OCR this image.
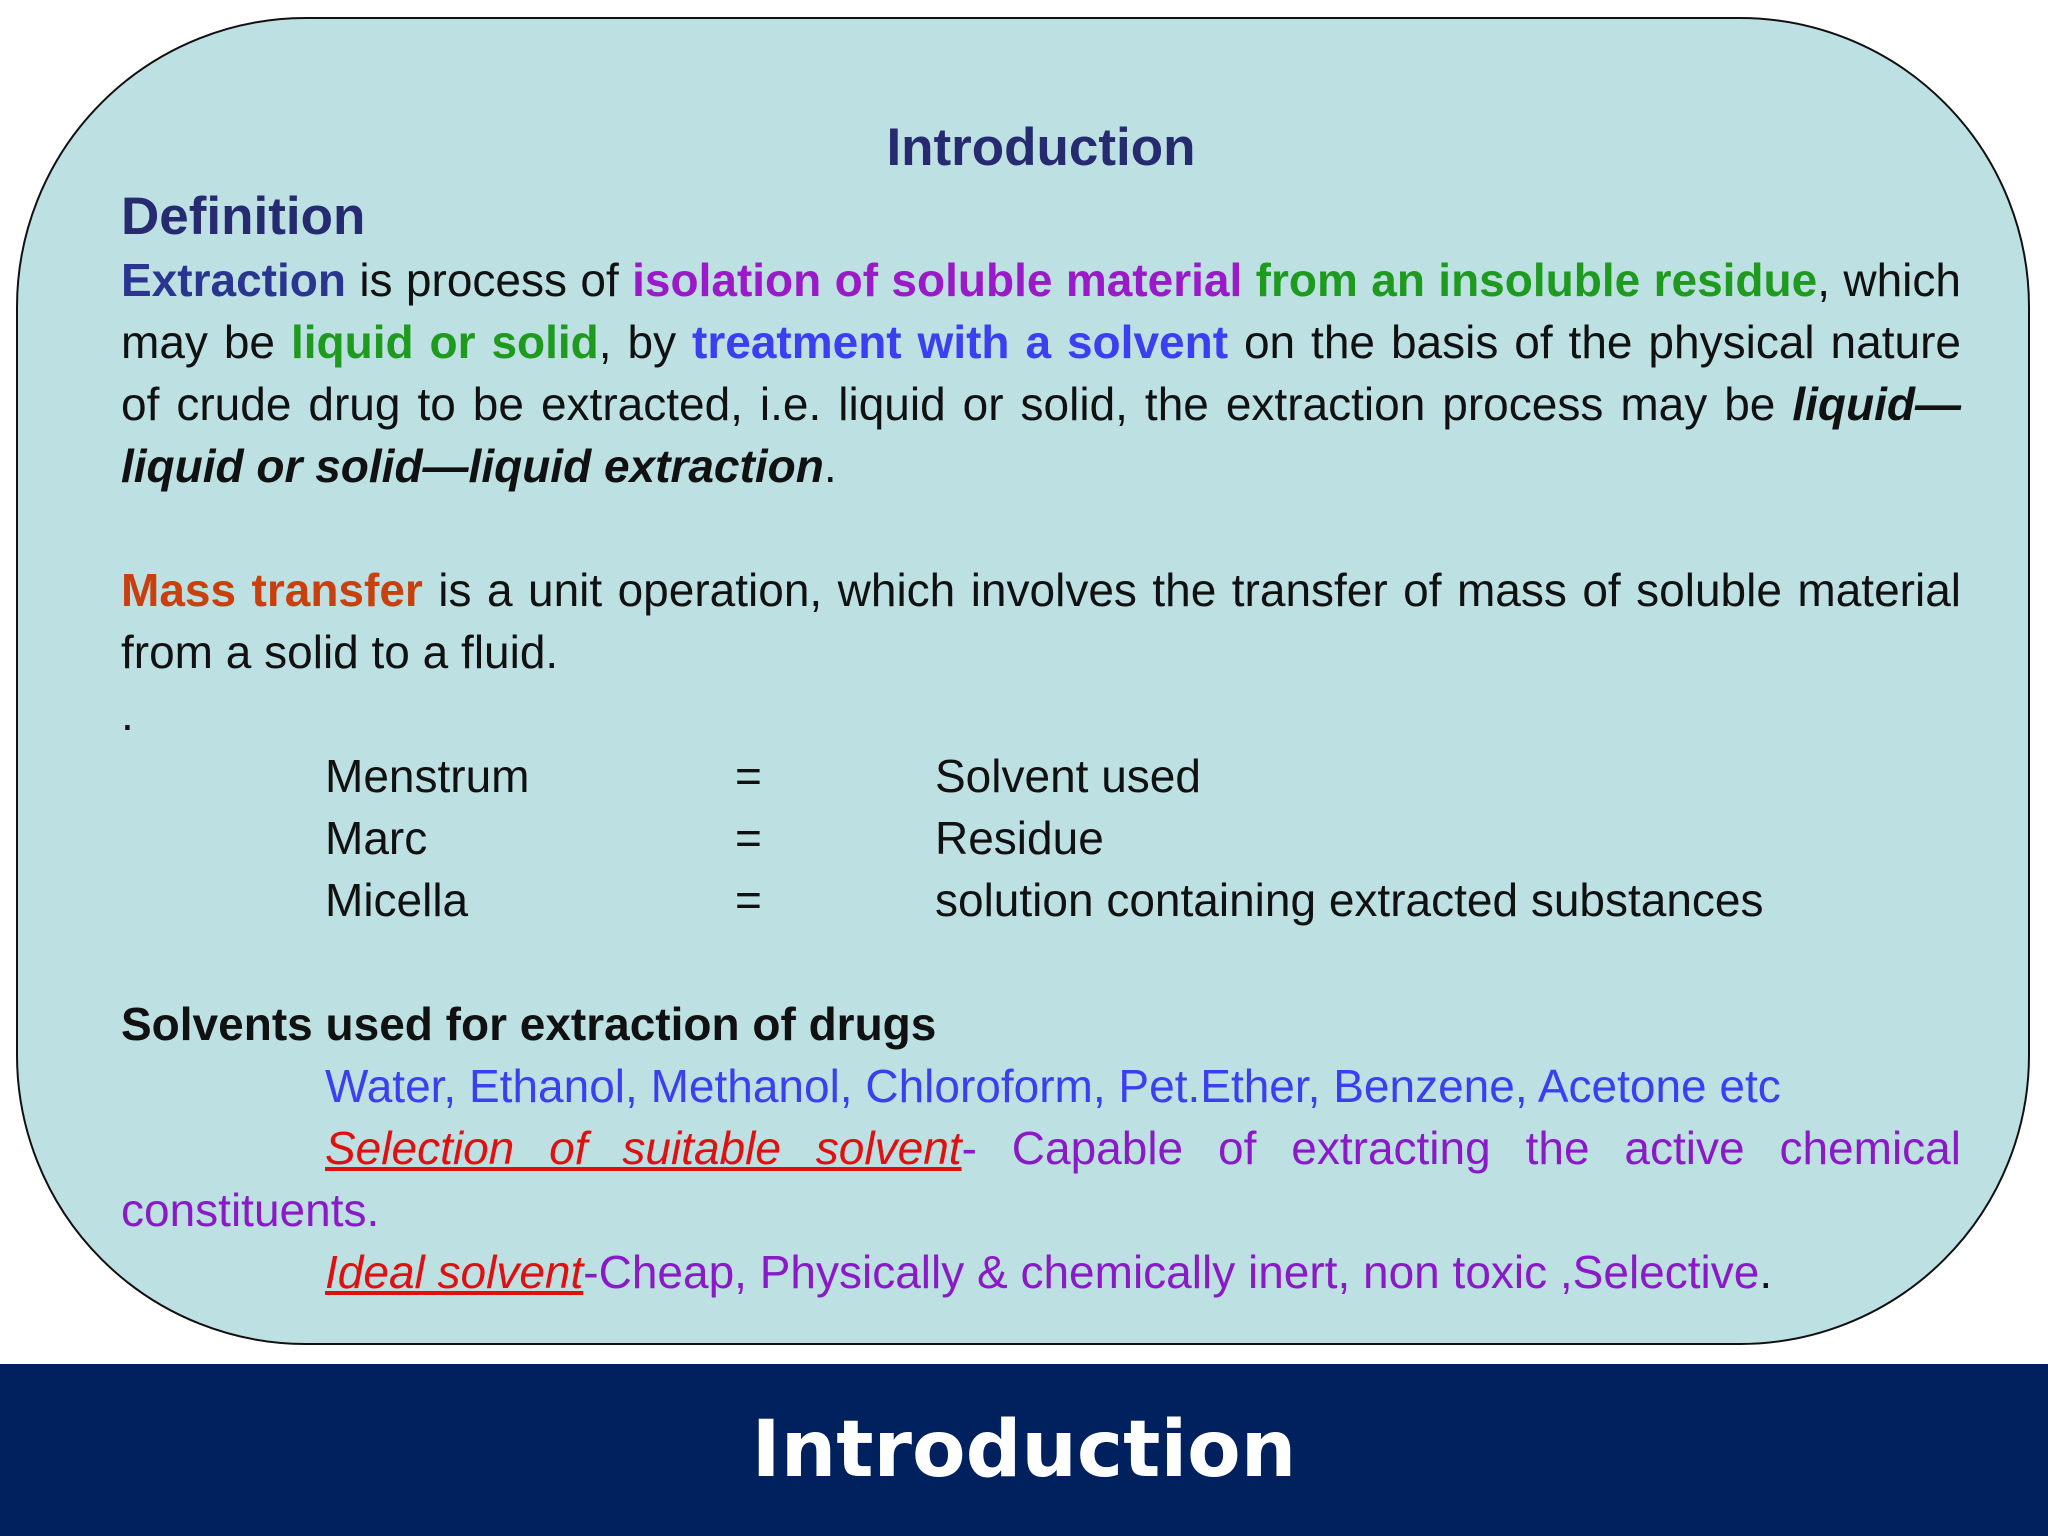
Introduction
Definition
Extraction is process of isolation of soluble material from an insoluble residue, which may be liquid or solid, by treatment with a solvent on the basis of the physical nature of crude drug to be extracted, i.e. liquid or solid, the extraction process may be liquid—liquid or solid—liquid extraction.
Mass transfer is a unit operation, which involves the transfer of mass of soluble material from a solid to a fluid.
.
Menstrum	=	Solvent used
Marc	=	Residue
Micella	=	solution containing extracted substances
Solvents used for extraction of drugs
Water, Ethanol, Methanol, Chloroform, Pet.Ether, Benzene, Acetone etc
Selection of suitable solvent- Capable of extracting the active chemical constituents.
Ideal solvent-Cheap, Physically & chemically inert, non toxic ,Selective.
Introduction
